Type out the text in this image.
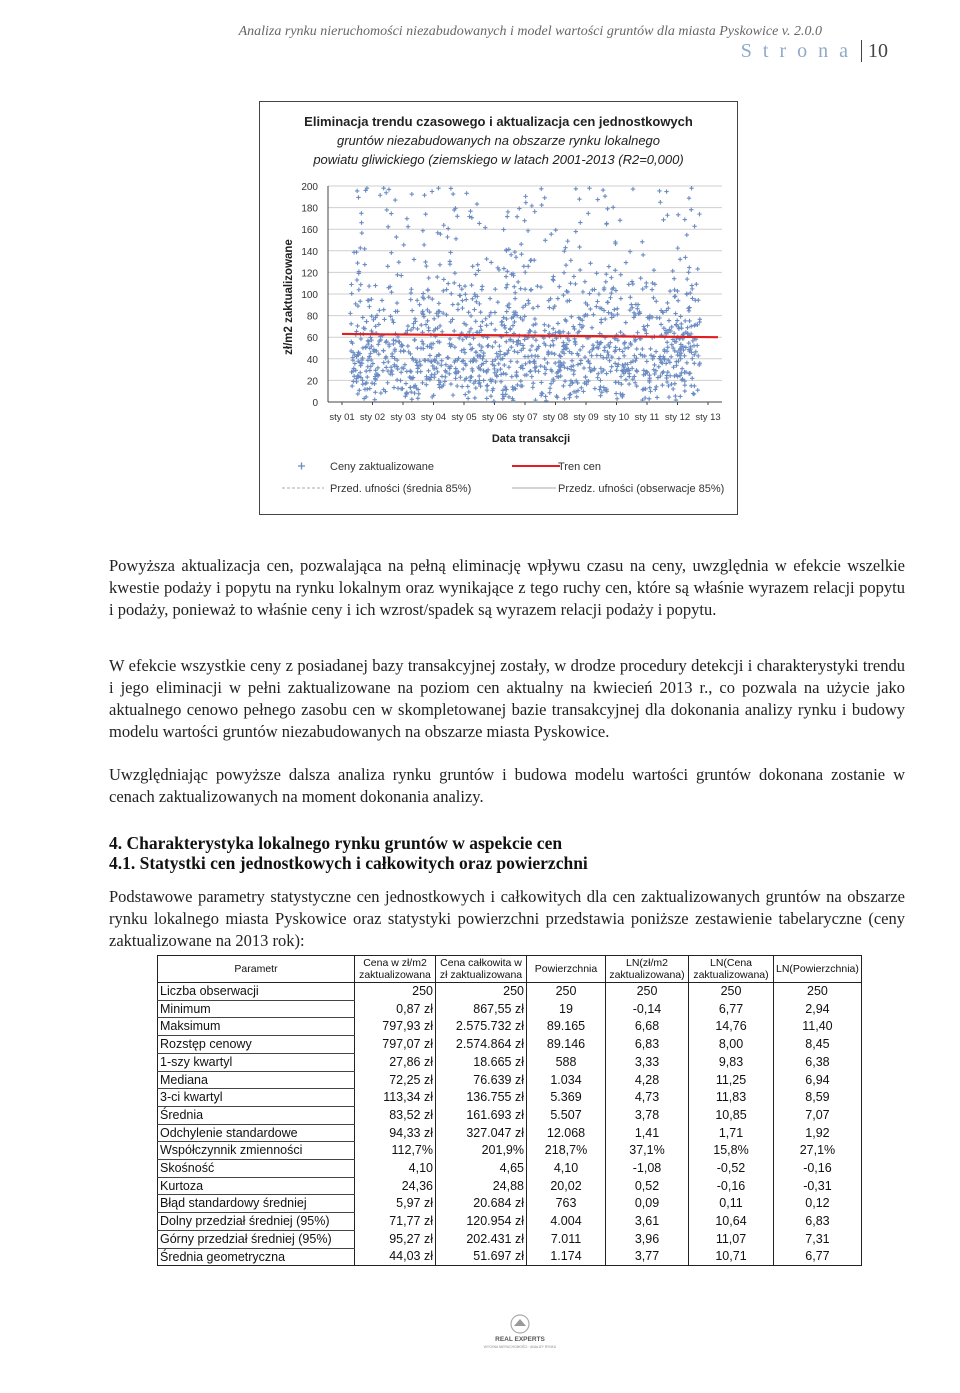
Analiza rynku nieruchomości niezabudowanych i model wartości gruntów dla miasta Pyskowice v. 2.0.0
S t r o n a 10
Eliminacja trendu czasowego i aktualizacja cen jednostkowych
gruntów niezabudowanych na obszarze rynku lokalnego
powiatu gliwickiego (ziemskiego w latach 2001-2013 (R2=0,000)
0
20
40
60
80
100
120
140
160
180
200
sty 01 sty 02 sty 03 sty 04 sty 05 sty 06 sty 07 sty 08 sty 09 sty 10 sty 11 sty 12 sty 13
Data transakcji
zł/m2 zaktualizowane
Ceny zaktualizowane	Tren cen
Przed. ufności (średnia 85%)	Przedz. ufności (obserwacje 85%)

Powyższa aktualizacja cen, pozwalająca na pełną eliminację wpływu czasu na ceny, uwzględnia w efekcie wszelkie kwestie podaży i popytu na rynku lokalnym oraz wynikające z tego ruchy cen, które są właśnie wyrazem relacji popytu i podaży, ponieważ to właśnie ceny i ich wzrost/spadek są wyrazem relacji podaży i popytu.

W efekcie wszystkie ceny z posiadanej bazy transakcyjnej zostały, w drodze procedury detekcji i charakterystyki trendu i jego eliminacji w pełni zaktualizowane na poziom cen aktualny na kwiecień 2013 r., co pozwala na użycie jako aktualnego cenowo pełnego zasobu cen w skompletowanej bazie transakcyjnej dla dokonania analizy rynku i budowy modelu wartości gruntów niezabudowanych na obszarze miasta Pyskowice.

Uwzględniając powyższe dalsza analiza rynku gruntów i budowa modelu wartości gruntów dokonana zostanie w cenach zaktualizowanych na moment dokonania analizy.

4. Charakterystyka lokalnego rynku gruntów w aspekcie cen
4.1. Statystki cen jednostkowych i całkowitych oraz powierzchni

Podstawowe parametry statystyczne cen jednostkowych i całkowitych dla cen zaktualizowanych gruntów na obszarze rynku lokalnego miasta Pyskowice oraz statystyki powierzchni przedstawia poniższe zestawienie tabelaryczne (ceny zaktualizowane na 2013 rok):

Parametr	Cena w zł/m2 zaktualizowana	Cena całkowita w zł zaktualizowana	Powierzchnia	LN(zł/m2 zaktualizowana)	LN(Cena zaktualizowana)	LN(Powierzchnia)
Liczba obserwacji	250	250	250	250	250	250
Minimum	0,87 zł	867,55 zł	19	-0,14	6,77	2,94
Maksimum	797,93 zł	2.575.732 zł	89.165	6,68	14,76	11,40
Rozstęp cenowy	797,07 zł	2.574.864 zł	89.146	6,83	8,00	8,45
1-szy kwartyl	27,86 zł	18.665 zł	588	3,33	9,83	6,38
Mediana	72,25 zł	76.639 zł	1.034	4,28	11,25	6,94
3-ci kwartyl	113,34 zł	136.755 zł	5.369	4,73	11,83	8,59
Średnia	83,52 zł	161.693 zł	5.507	3,78	10,85	7,07
Odchylenie standardowe	94,33 zł	327.047 zł	12.068	1,41	1,71	1,92
Współczynnik zmienności	112,7%	201,9%	218,7%	37,1%	15,8%	27,1%
Skośność	4,10	4,65	4,10	-1,08	-0,52	-0,16
Kurtoza	24,36	24,88	20,02	0,52	-0,16	-0,31
Błąd standardowy średniej	5,97 zł	20.684 zł	763	0,09	0,11	0,12
Dolny przedział średniej (95%)	71,77 zł	120.954 zł	4.004	3,61	10,64	6,83
Górny przedział średniej (95%)	95,27 zł	202.431 zł	7.011	3,96	11,07	7,31
Średnia geometryczna	44,03 zł	51.697 zł	1.174	3,77	10,71	6,77
REAL EXPERTS
WYCENA NIERUCHOMOŚCI · ANALIZY RYNKU
